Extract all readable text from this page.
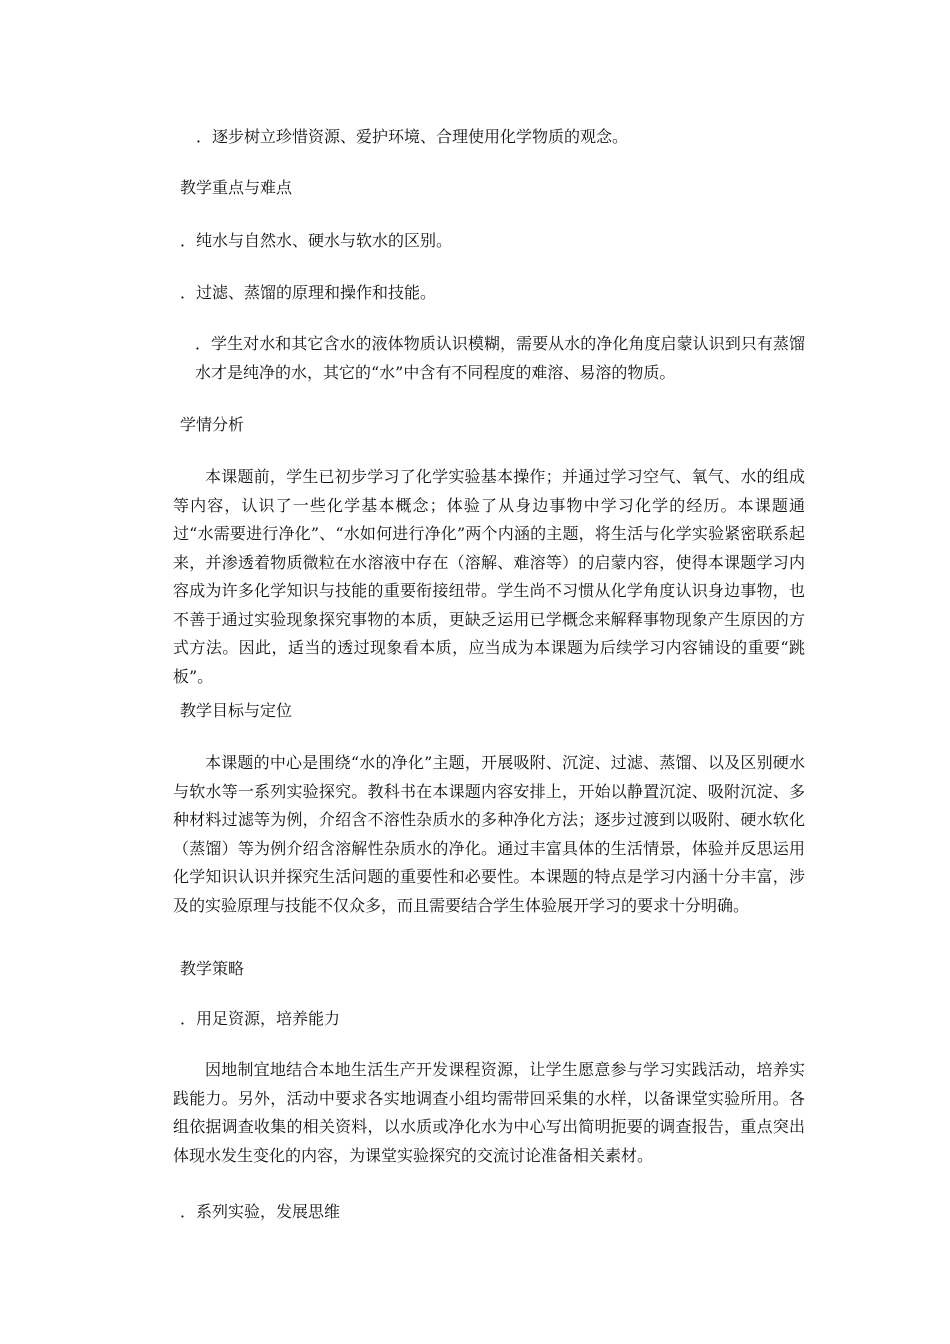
．逐步树立珍惜资源、爱护环境、合理使用化学物质的观念。
教学重点与难点
．纯水与自然水、硬水与软水的区别。
．过滤、蒸馏的原理和操作和技能。
．学生对水和其它含水的液体物质认识模糊，需要从水的净化角度启蒙认识到只有蒸馏水才是纯净的水，其它的“水”中含有不同程度的难溶、易溶的物质。
学情分析
本课题前，学生已初步学习了化学实验基本操作；并通过学习空气、氧气、水的组成等内容，认识了一些化学基本概念；体验了从身边事物中学习化学的经历。本课题通过“水需要进行净化”、“水如何进行净化”两个内涵的主题，将生活与化学实验紧密联系起来，并渗透着物质微粒在水溶液中存在（溶解、难溶等）的启蒙内容，使得本课题学习内容成为许多化学知识与技能的重要衔接纽带。学生尚不习惯从化学角度认识身边事物，也不善于通过实验现象探究事物的本质，更缺乏运用已学概念来解释事物现象产生原因的方式方法。因此，适当的透过现象看本质，应当成为本课题为后续学习内容铺设的重要“跳板”。
教学目标与定位
本课题的中心是围绕“水的净化”主题，开展吸附、沉淀、过滤、蒸馏、以及区别硬水与软水等一系列实验探究。教科书在本课题内容安排上，开始以静置沉淀、吸附沉淀、多种材料过滤等为例，介绍含不溶性杂质水的多种净化方法；逐步过渡到以吸附、硬水软化（蒸馏）等为例介绍含溶解性杂质水的净化。通过丰富具体的生活情景，体验并反思运用化学知识认识并探究生活问题的重要性和必要性。本课题的特点是学习内涵十分丰富，涉及的实验原理与技能不仅众多，而且需要结合学生体验展开学习的要求十分明确。
教学策略
．用足资源，培养能力
因地制宜地结合本地生活生产开发课程资源，让学生愿意参与学习实践活动，培养实践能力。另外，活动中要求各实地调查小组均需带回采集的水样，以备课堂实验所用。各组依据调查收集的相关资料，以水质或净化水为中心写出简明扼要的调查报告，重点突出体现水发生变化的内容，为课堂实验探究的交流讨论准备相关素材。
．系列实验，发展思维
